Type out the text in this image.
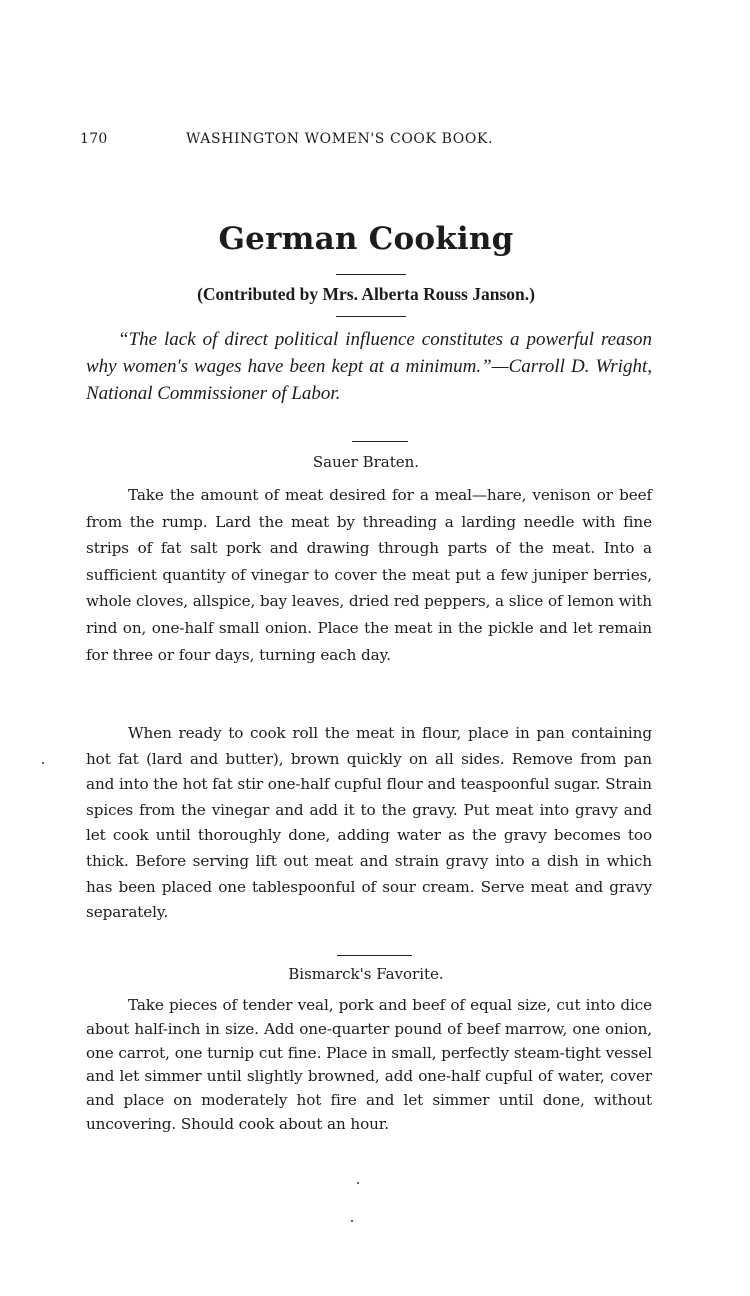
170	WASHINGTON WOMEN'S COOK BOOK.
German Cooking
(Contributed by Mrs. Alberta Rouss Janson.)
“The lack of direct political influence constitutes a powerful reason why women's wages have been kept at a minimum.”—Carroll D. Wright, National Commissioner of Labor.
Sauer Braten.
Take the amount of meat desired for a meal—hare, venison or beef from the rump. Lard the meat by threading a larding needle with fine strips of fat salt pork and drawing through parts of the meat. Into a sufficient quantity of vinegar to cover the meat put a few juniper berries, whole cloves, allspice, bay leaves, dried red peppers, a slice of lemon with rind on, one-half small onion. Place the meat in the pickle and let remain for three or four days, turning each day.
When ready to cook roll the meat in flour, place in pan containing hot fat (lard and butter), brown quickly on all sides. Remove from pan and into the hot fat stir one-half cupful flour and teaspoonful sugar. Strain spices from the vinegar and add it to the gravy. Put meat into gravy and let cook until thoroughly done, adding water as the gravy becomes too thick. Before serving lift out meat and strain gravy into a dish in which has been placed one tablespoonful of sour cream. Serve meat and gravy separately.
Bismarck's Favorite.
Take pieces of tender veal, pork and beef of equal size, cut into dice about half-inch in size. Add one-quarter pound of beef marrow, one onion, one carrot, one turnip cut fine. Place in small, perfectly steam-tight vessel and let simmer until slightly browned, add one-half cupful of water, cover and place on moderately hot fire and let simmer until done, without uncovering. Should cook about an hour.
